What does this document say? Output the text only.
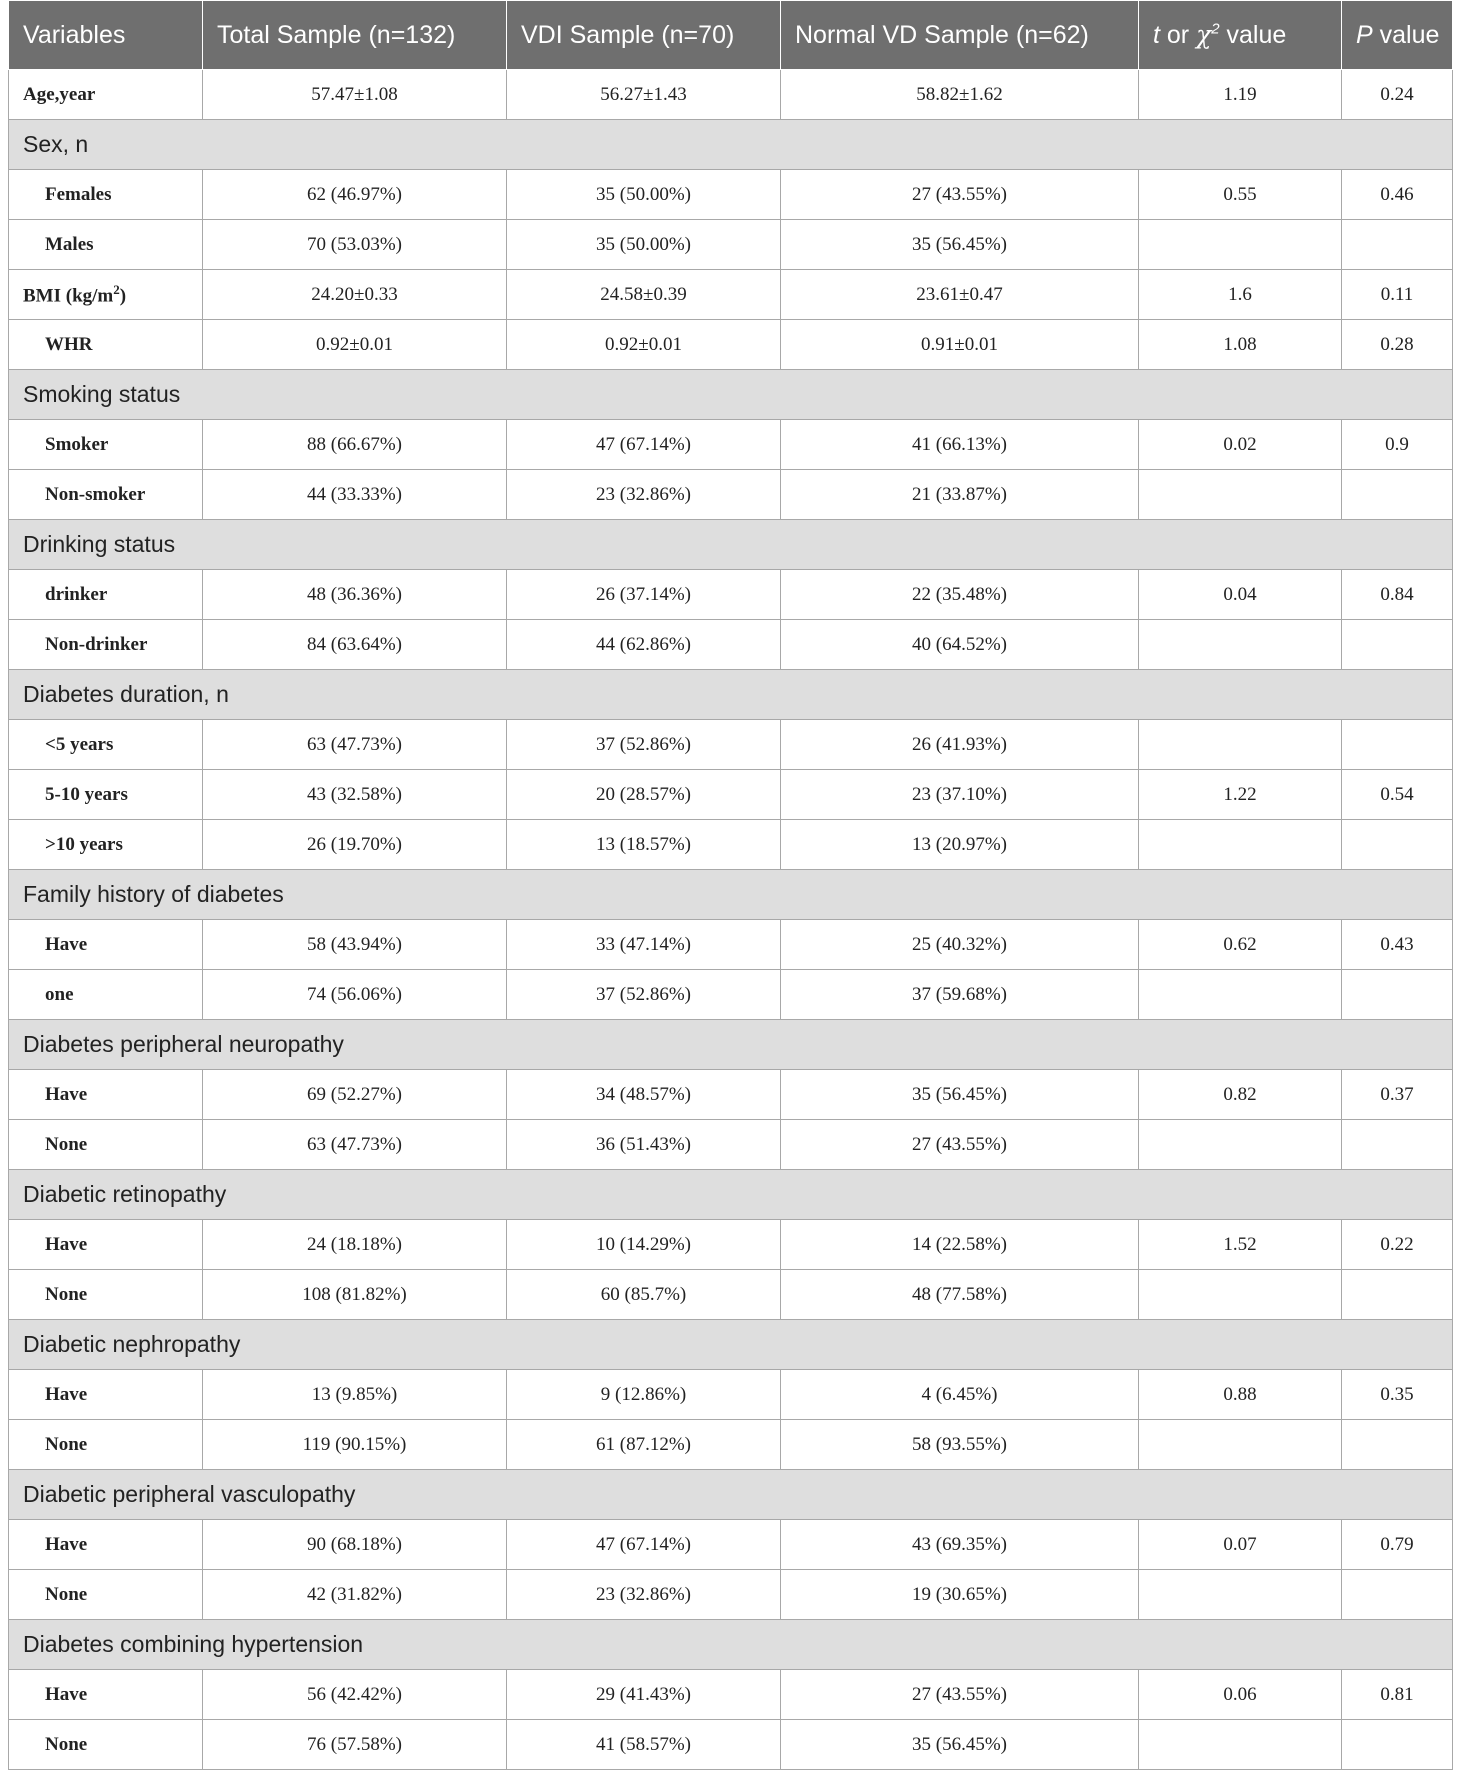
Variables	Total Sample (n=132)	VDI Sample (n=70)	Normal VD Sample (n=62)	t or $\chi^2$ value	P value
Age,year	57.47±1.08	56.27±1.43	58.82±1.62	1.19	0.24
Sex, n					
Females	62 (46.97%)	35 (50.00%)	27 (43.55%)	0.55	0.46
Males	70 (53.03%)	35 (50.00%)	35 (56.45%)		
BMI $(kg/m^2)$	24.20±0.33	24.58±0.39	23.61±0.47	1.6	0.11
WHR	0.92±0.01	0.92±0.01	0.91±0.01	1.08	0.28
Smoking status					
Smoker	88 (66.67%)	47 (67.14%)	41 (66.13%)	0.02	0.9
Non-smoker	44 (33.33%)	23 (32.86%)	21 (33.87%)		
Drinking status					
drinker	48 (36.36%)	26 (37.14%)	22 (35.48%)	0.04	0.84
Non-drinker	84 (63.64%)	44 (62.86%)	40 (64.52%)		
Diabetes duration, n					
<5 years	63 (47.73%)	37 (52.86%)	26 (41.93%)		
5-10 years	43 (32.58%)	20 (28.57%)	23 (37.10%)	1.22	0.54
>10 years	26 (19.70%)	13 (18.57%)	13 (20.97%)		
Family history of diabetes					
Have	58 (43.94%)	33 (47.14%)	25 (40.32%)	0.62	0.43
one	74 (56.06%)	37 (52.86%)	37 (59.68%)		
Diabetes peripheral neuropathy					
Have	69 (52.27%)	34 (48.57%)	35 (56.45%)	0.82	0.37
None	63 (47.73%)	36 (51.43%)	27 (43.55%)		
Diabetic retinopathy					
Have	24 (18.18%)	10 (14.29%)	14 (22.58%)	1.52	0.22
None	108 (81.82%)	60 (85.7%)	48 (77.58%)		
Diabetic nephropathy					
Have	13 (9.85%)	9 (12.86%)	4 (6.45%)	0.88	0.35
None	119 (90.15%)	61 (87.12%)	58 (93.55%)		
Diabetic peripheral vasculopathy					
Have	90 (68.18%)	47 (67.14%)	43 (69.35%)	0.07	0.79
None	42 (31.82%)	23 (32.86%)	19 (30.65%)		
Diabetes combining hypertension					
Have	56 (42.42%)	29 (41.43%)	27 (43.55%)	0.06	0.81
None	76 (57.58%)	41 (58.57%)	35 (56.45%)		
